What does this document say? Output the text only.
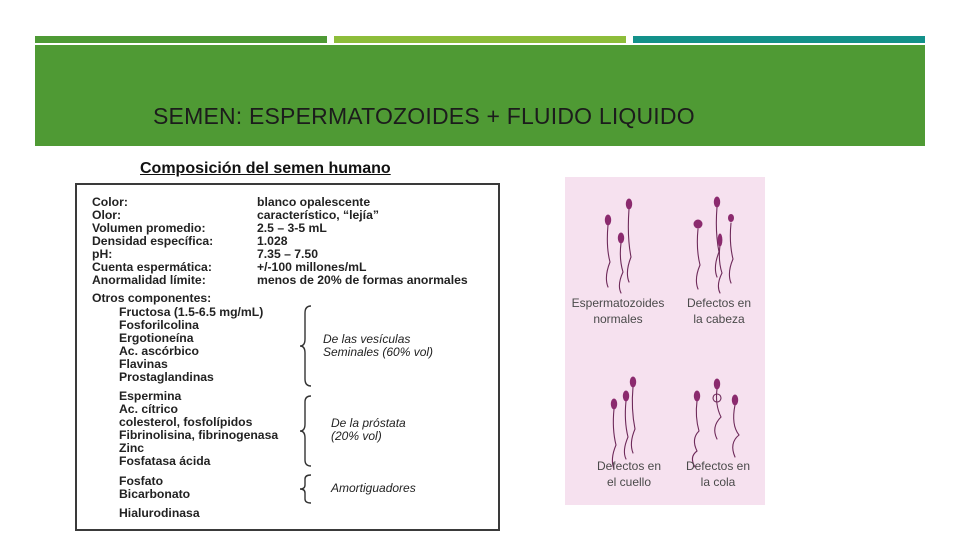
SEMEN: ESPERMATOZOIDES + FLUIDO LIQUIDO
Composición del semen humano
Color:	blanco opalescente
Olor:	característico, “lejía”
Volumen promedio:	2.5 – 3-5 mL
Densidad específica:	1.028
pH:	7.35 – 7.50
Cuenta espermática:	+/-100 millones/mL
Anormalidad límite:	menos de 20% de formas anormales
Otros componentes:
Fructosa (1.5-6.5 mg/mL)
Fosforilcolina
Ergotioneína
Ac. ascórbico
Flavinas
Prostaglandinas
De las vesículas
Seminales (60% vol)
Espermina
Ac. cítrico
colesterol, fosfolípidos
Fibrinolisina, fibrinogenasa
Zinc
Fosfatasa ácida
De la próstata
(20% vol)
Fosfato
Bicarbonato	Amortiguadores
Hialurodinasa
Espermatozoides
normales
Defectos en
la cabeza
Defectos en
el cuello
Defectos en
la cola
